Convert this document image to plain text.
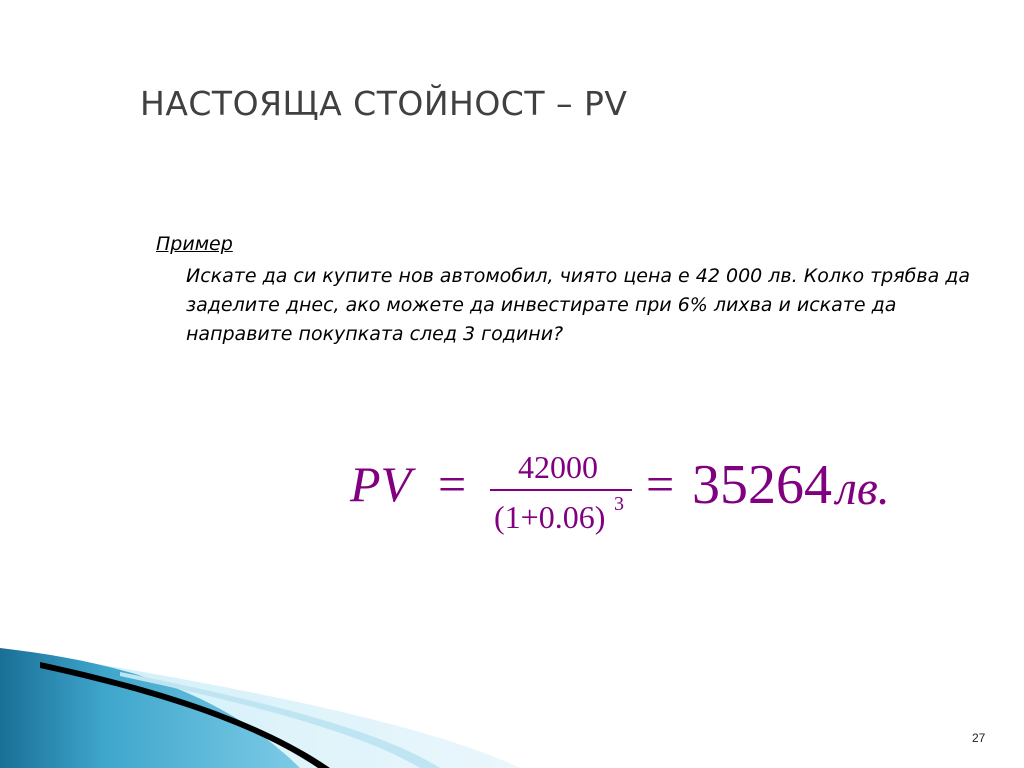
НАСТОЯЩА СТОЙНОСТ – PV
Пример
Искате да си купите нов автомобил, чиято цена е 42 000 лв. Колко трябва да заделите днес, ако можете да инвестирате при 6% лихва и искате да направите покупката след 3 години?
PV = 42000
(1+0.06) 3 = 35264 лв.
27
